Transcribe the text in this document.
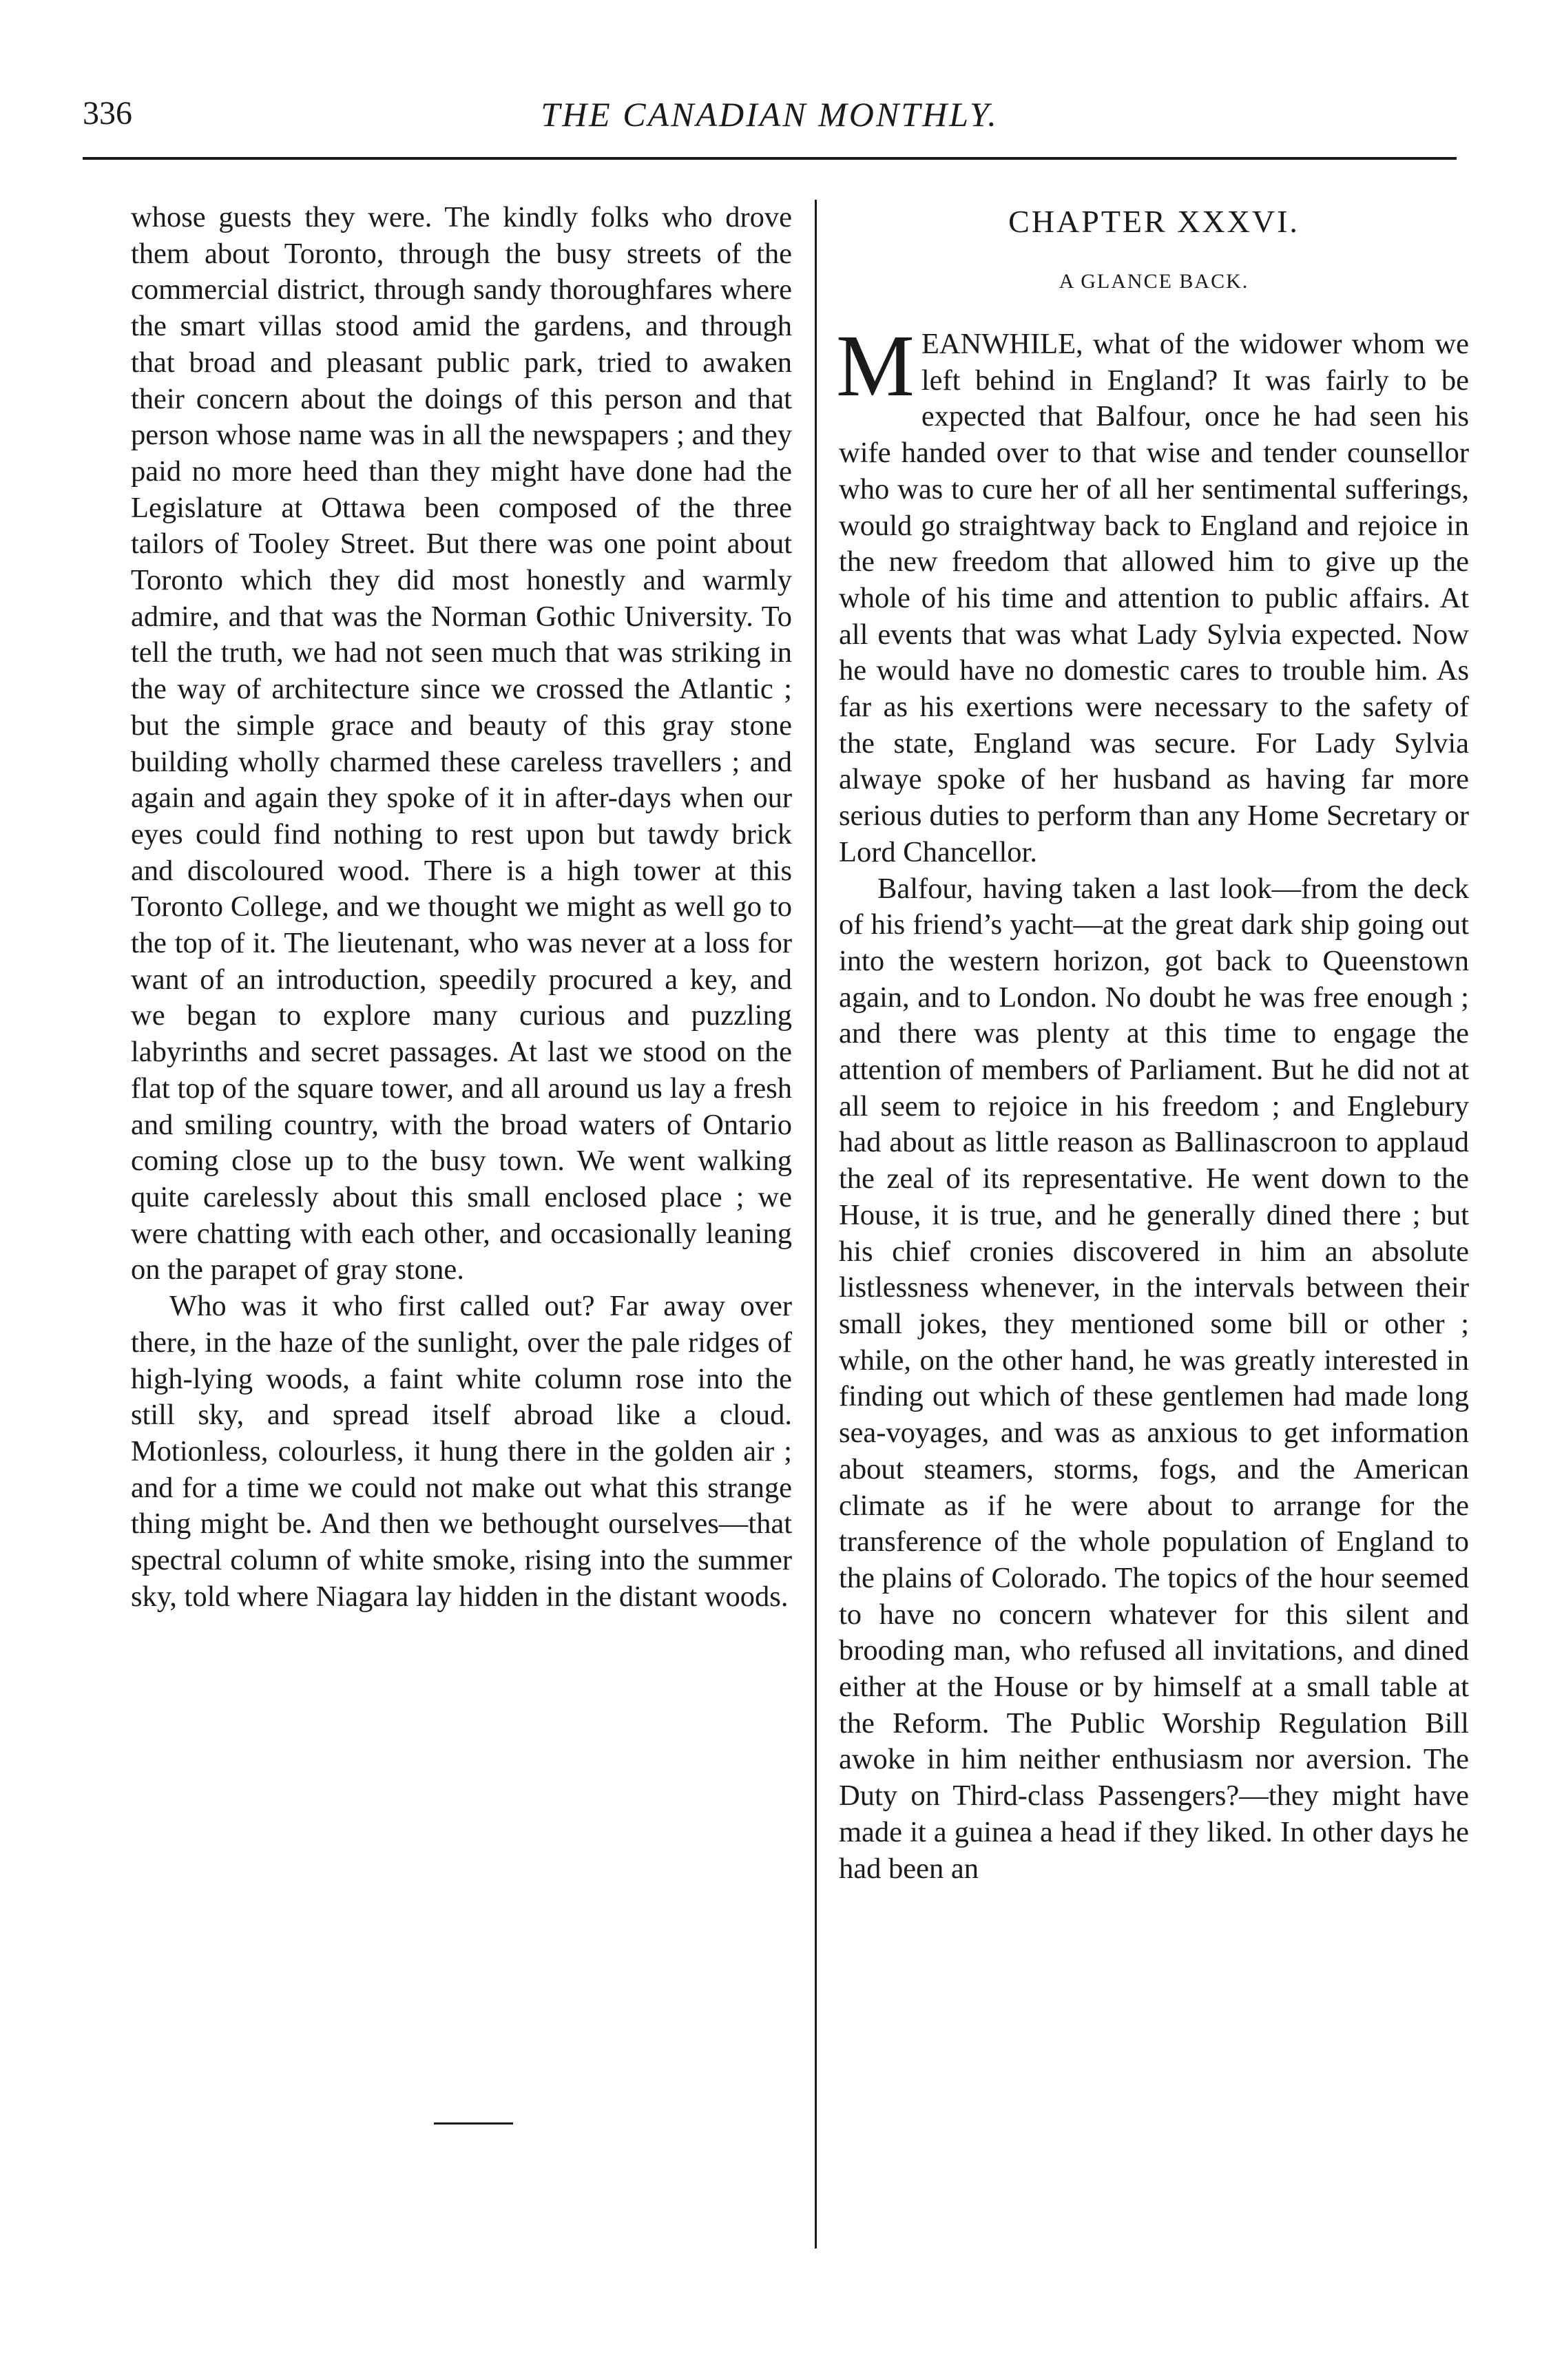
336	THE CANADIAN MONTHLY.

whose guests they were. The kindly folks who drove them about Toronto, through the busy streets of the commercial district, through sandy thoroughfares where the smart villas stood amid the gardens, and through that broad and pleasant public park, tried to awaken their concern about the doings of this person and that person whose name was in all the newspapers ; and they paid no more heed than they might have done had the Legislature at Ottawa been composed of the three tailors of Tooley Street. But there was one point about Toronto which they did most honestly and warmly admire, and that was the Norman Gothic University. To tell the truth, we had not seen much that was striking in the way of architecture since we crossed the Atlantic ; but the simple grace and beauty of this gray stone building wholly charmed these careless travellers ; and again and again they spoke of it in after-days when our eyes could find nothing to rest upon but tawdy brick and discoloured wood. There is a high tower at this Toronto College, and we thought we might as well go to the top of it. The lieutenant, who was never at a loss for want of an introduction, speedily procured a key, and we began to explore many curious and puzzling labyrinths and secret passages. At last we stood on the flat top of the square tower, and all around us lay a fresh and smiling country, with the broad waters of Ontario coming close up to the busy town. We went walking quite carelessly about this small enclosed place ; we were chatting with each other, and occasionally leaning on the parapet of gray stone.

Who was it who first called out? Far away over there, in the haze of the sunlight, over the pale ridges of high-lying woods, a faint white column rose into the still sky, and spread itself abroad like a cloud. Motionless, colourless, it hung there in the golden air ; and for a time we could not make out what this strange thing might be. And then we bethought ourselves—that spectral column of white smoke, rising into the summer sky, told where Niagara lay hidden in the distant woods.

CHAPTER XXXVI.
A GLANCE BACK.

MEANWHILE, what of the widower whom we left behind in England? It was fairly to be expected that Balfour, once he had seen his wife handed over to that wise and tender counsellor who was to cure her of all her sentimental sufferings, would go straightway back to England and rejoice in the new freedom that allowed him to give up the whole of his time and attention to public affairs. At all events that was what Lady Sylvia expected. Now he would have no domestic cares to trouble him. As far as his exertions were necessary to the safety of the state, England was secure. For Lady Sylvia alwaye spoke of her husband as having far more serious duties to perform than any Home Secretary or Lord Chancellor.

Balfour, having taken a last look—from the deck of his friend’s yacht—at the great dark ship going out into the western horizon, got back to Queenstown again, and to London. No doubt he was free enough ; and there was plenty at this time to engage the attention of members of Parliament. But he did not at all seem to rejoice in his freedom ; and Englebury had about as little reason as Ballinascroon to applaud the zeal of its representative. He went down to the House, it is true, and he generally dined there ; but his chief cronies discovered in him an absolute listlessness whenever, in the intervals between their small jokes, they mentioned some bill or other ; while, on the other hand, he was greatly interested in finding out which of these gentlemen had made long sea-voyages, and was as anxious to get information about steamers, storms, fogs, and the American climate as if he were about to arrange for the transference of the whole population of England to the plains of Colorado. The topics of the hour seemed to have no concern whatever for this silent and brooding man, who refused all invitations, and dined either at the House or by himself at a small table at the Reform. The Public Worship Regulation Bill awoke in him neither enthusiasm nor aversion. The Duty on Third-class Passengers?—they might have made it a guinea a head if they liked. In other days he had been an
